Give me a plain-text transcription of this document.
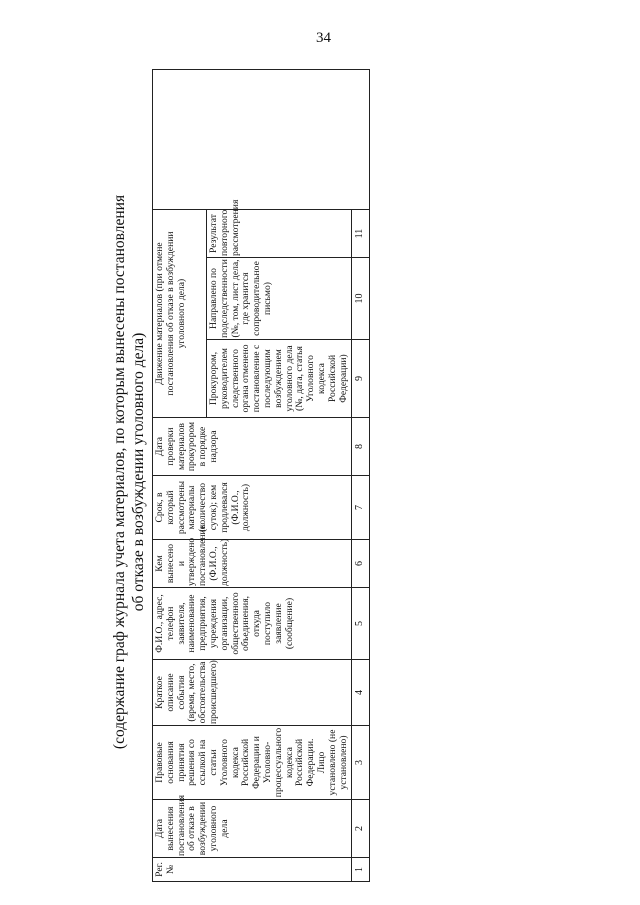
34
(содержание граф журнала учета материалов, по которым вынесены постановления об отказе в возбуждении уголовного дела)
Рег. №	Дата вынесения постановления об отказе в возбуждении уголовного дела	Правовые основания принятия решения со ссылкой на статьи Уголовного кодекса Российской Федерации и Уголовно-процессуального кодекса Российской Федерации. Лицо установлено (не установлено)	Краткое описание события (время, место, обстоятельства происшедшего)	Ф.И.О., адрес, телефон заявителя, наименование предприятия, учреждения организации, общественного объединения, откуда поступило заявление (сообщение)	Кем вынесено и утверждено постановление (Ф.И.О., должность)	Срок, в который рассмотрены материалы (количество суток); кем продлевался (Ф.И.О., должность)	Дата проверки материалов прокурором в порядке надзора	Движение материалов (при отмене постановления об отказе в возбуждении уголовного дела)			
								Прокурором, руководителем следственного органа отменено постановление с последующим возбуждением уголовного дела (№, дата, статья Уголовного кодекса Российской Федерации)	Направлено по подследственности (№, том, лист дела, где хранится сопроводительное письмо)	Результат повторного рассмотрения	
1	2	3	4	5	6	7	8	9	10	11	
